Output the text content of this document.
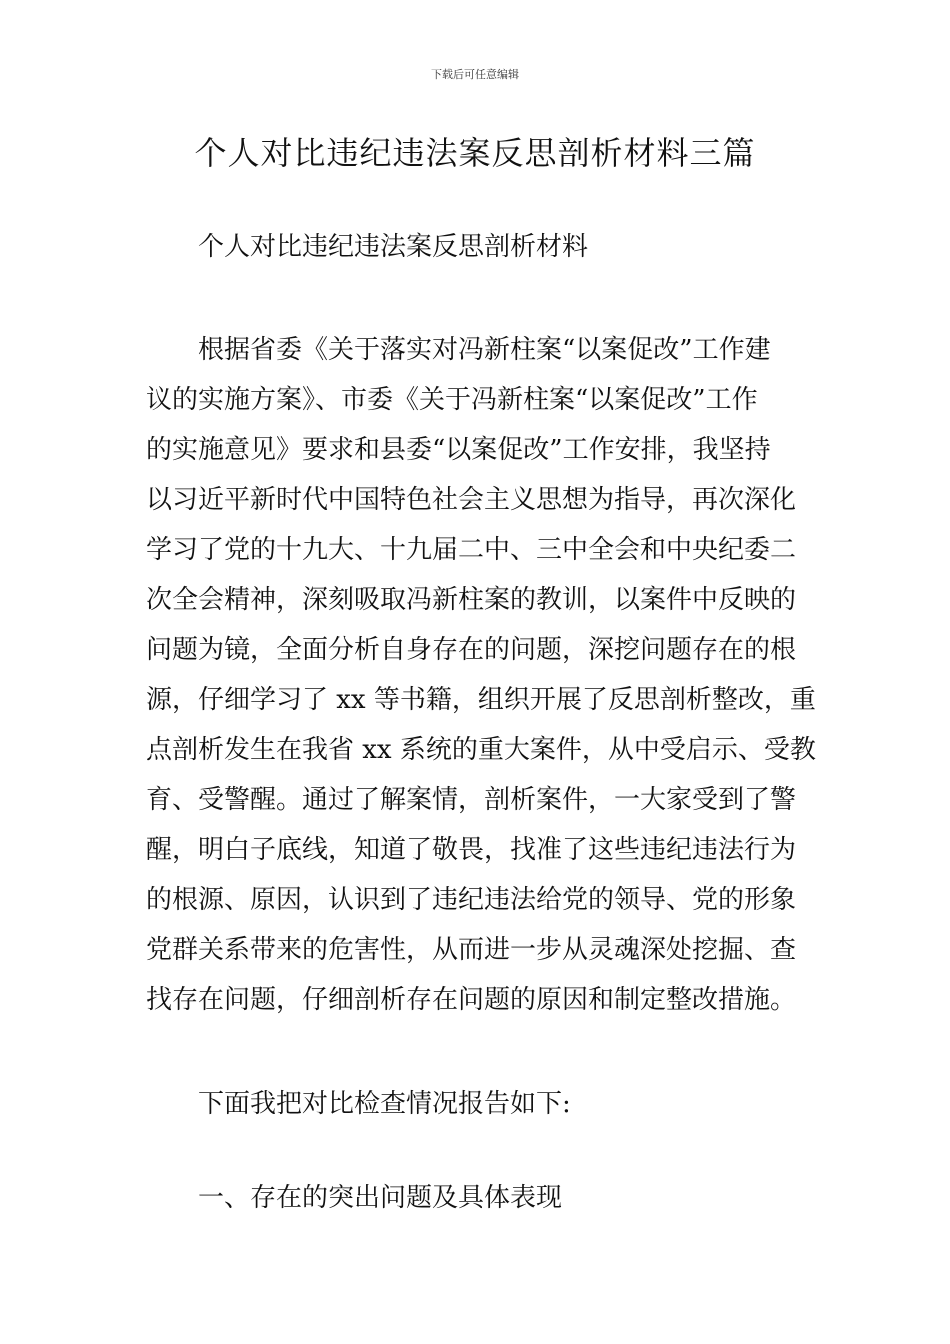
下载后可任意编辑
个人对比违纪违法案反思剖析材料三篇
个人对比违纪违法案反思剖析材料
根据省委《关于落实对冯新柱案“以案促改”工作建
议的实施方案》、市委《关于冯新柱案“以案促改”工作
的实施意见》要求和县委“以案促改”工作安排，我坚持
以习近平新时代中国特色社会主义思想为指导，再次深化
学习了党的十九大、十九届二中、三中全会和中央纪委二
次全会精神，深刻吸取冯新柱案的教训，以案件中反映的
问题为镜，全面分析自身存在的问题，深挖问题存在的根
源，仔细学习了 xx 等书籍，组织开展了反思剖析整改，重
点剖析发生在我省 xx 系统的重大案件，从中受启示、受教
育、受警醒。通过了解案情，剖析案件，一大家受到了警
醒，明白子底线，知道了敬畏，找准了这些违纪违法行为
的根源、原因，认识到了违纪违法给党的领导、党的形象
党群关系带来的危害性，从而进一步从灵魂深处挖掘、查
找存在问题，仔细剖析存在问题的原因和制定整改措施。
下面我把对比检查情况报告如下:
一、存在的突出问题及具体表现
